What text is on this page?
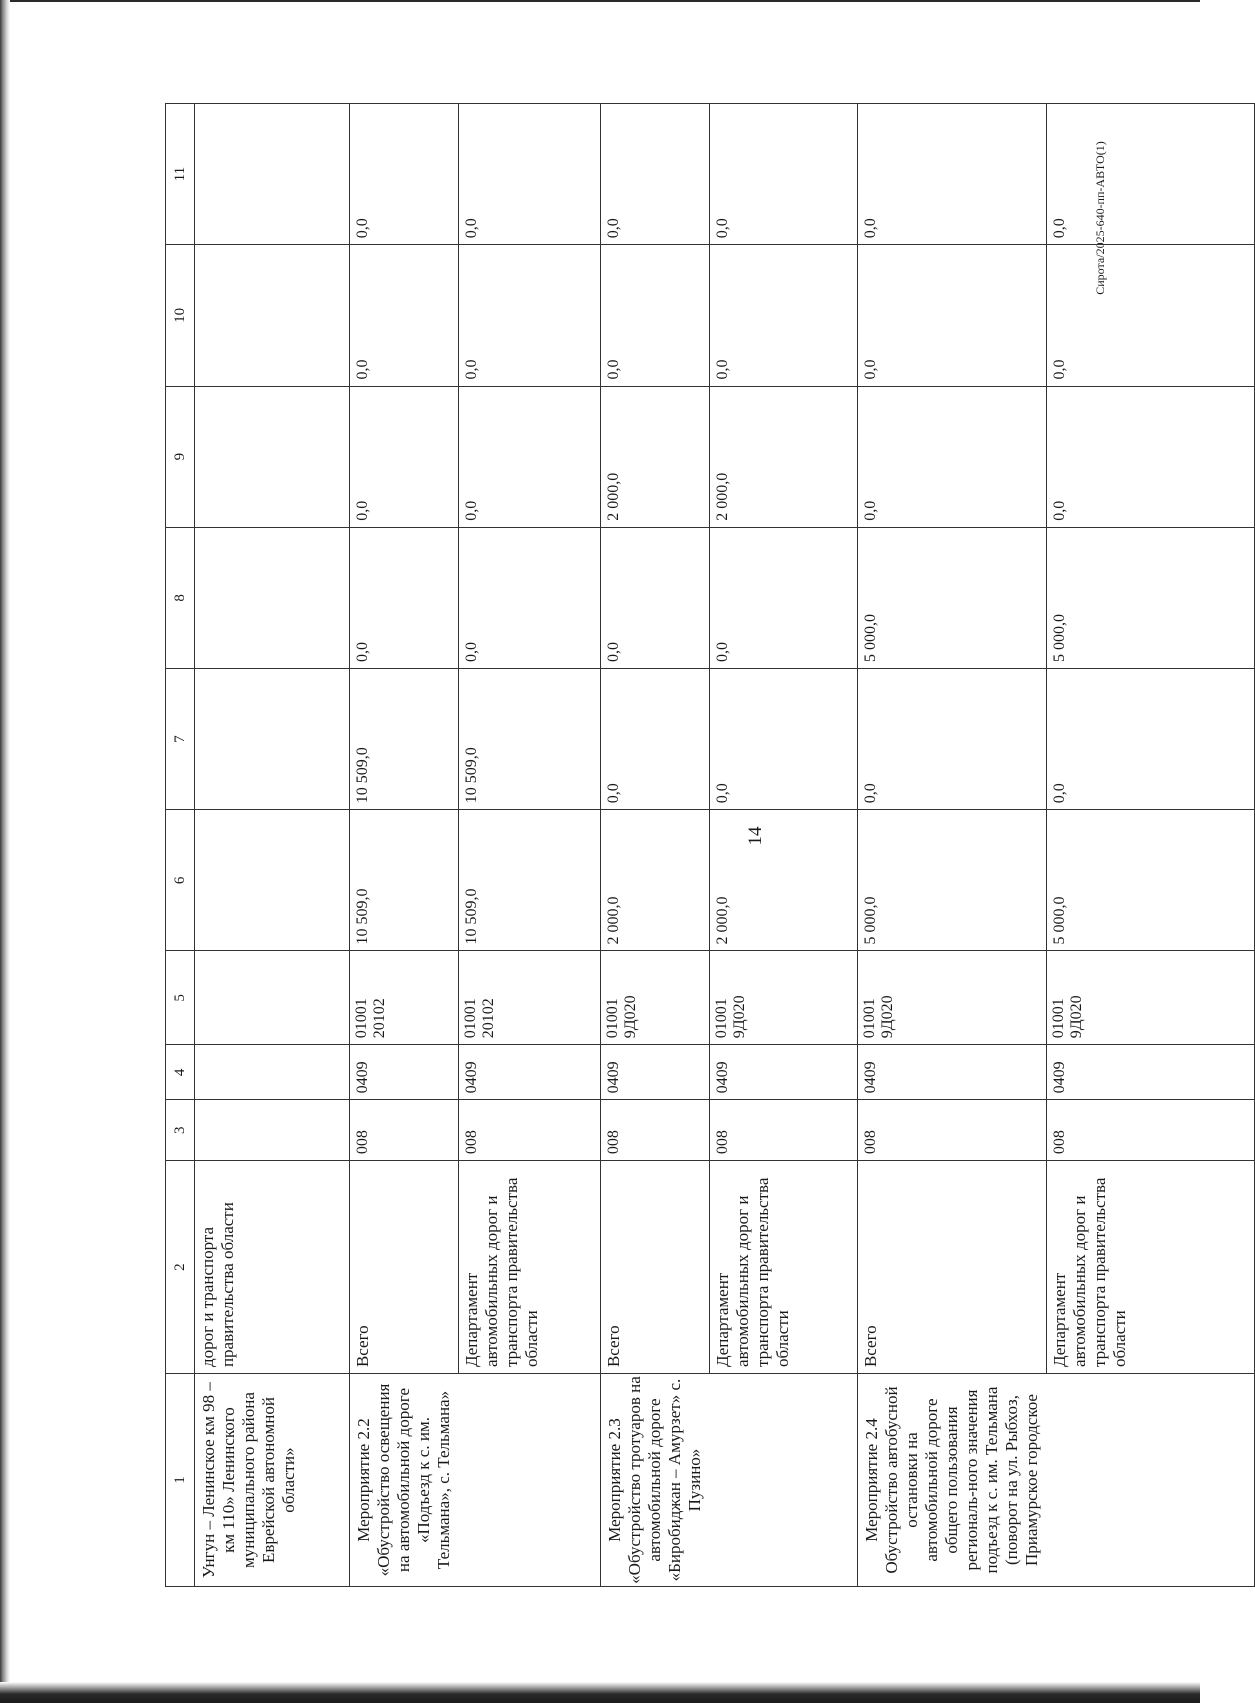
14
Сирота/2025-640-пп-АВТО(1)
1	2	3	4	5	6	7	8	9	10	11
Унгун – Ленинское км 98 – км 110» Ленинского муниципального района Еврейской автономной области»	дорог и транспорта правительства области									
Мероприятие 2.2 «Обустройство освещения на автомобильной дороге «Подъезд к с. им. Тельмана», с. Тельмана»	Всего	008	0409	01001 20102	10 509,0	10 509,0	0,0	0,0	0,0	0,0
	Департамент автомобильных дорог и транспорта правительства области	008	0409	01001 20102	10 509,0	10 509,0	0,0	0,0	0,0	0,0
Мероприятие 2.3 «Обустройство тротуаров на автомобильной дороге «Биробиджан – Амурзет» с. Пузино»	Всего	008	0409	01001 9Д020	2 000,0	0,0	0,0	2 000,0	0,0	0,0
	Департамент автомобильных дорог и транспорта правительства области	008	0409	01001 9Д020	2 000,0	0,0	0,0	2 000,0	0,0	0,0
Мероприятие 2.4 Обустройство автобусной остановки на автомобильной дороге общего пользования региональ-ного значения подъезд к с. им. Тельмана (поворот на ул. Рыбхоз, Приамурское городское	Всего	008	0409	01001 9Д020	5 000,0	0,0	5 000,0	0,0	0,0	0,0
	Департамент автомобильных дорог и транспорта правительства области	008	0409	01001 9Д020	5 000,0	0,0	5 000,0	0,0	0,0	0,0
